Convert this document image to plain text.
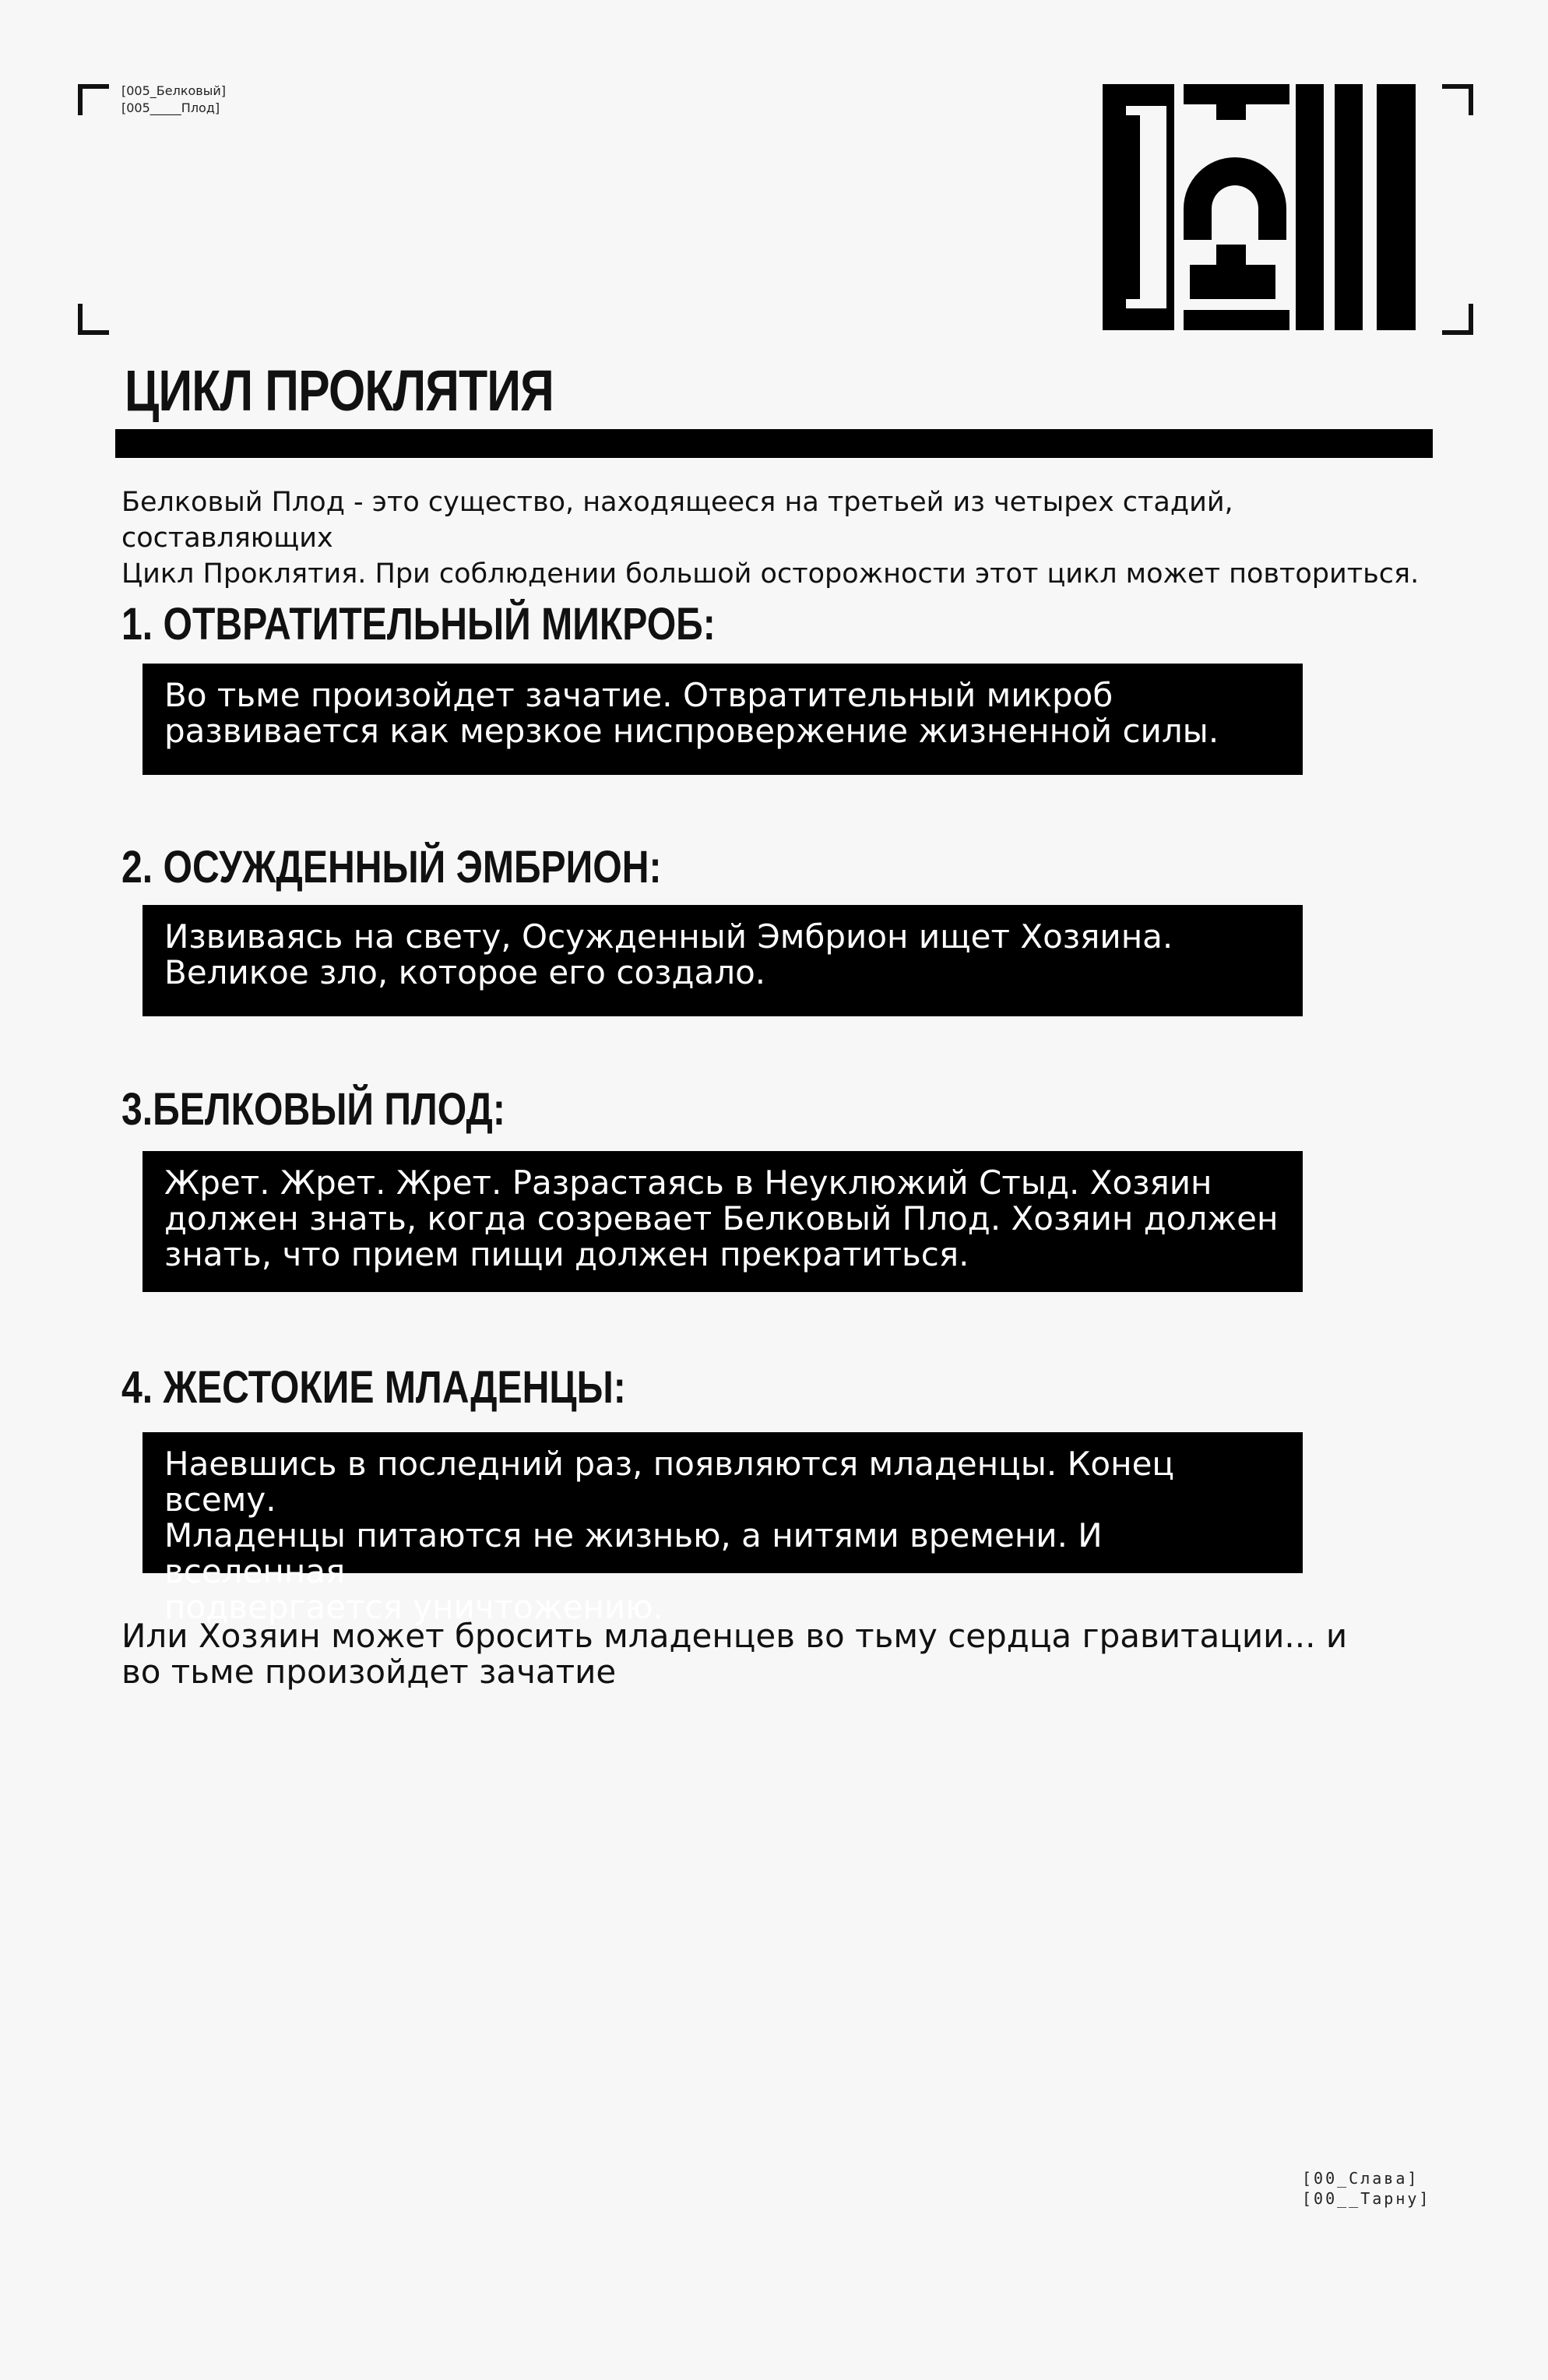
[005_Белковый]
[005_____Плод]
ЦИКЛ ПРОКЛЯТИЯ
Белковый Плод - это существо, находящееся на третьей из четырех стадий, составляющих
Цикл Проклятия. При соблюдении большой осторожности этот цикл может повториться.
1. ОТВРАТИТЕЛЬНЫЙ МИКРОБ:
Во тьме произойдет зачатие. Отвратительный микроб
развивается как мерзкое ниспровержение жизненной силы.
2. ОСУЖДЕННЫЙ ЭМБРИОН:
Извиваясь на свету, Осужденный Эмбрион ищет Хозяина.
Великое зло, которое его создало.
3.БЕЛКОВЫЙ ПЛОД:
Жрет. Жрет. Жрет. Разрастаясь в Неуклюжий Стыд. Хозяин
должен знать, когда созревает Белковый Плод. Хозяин должен
знать, что прием пищи должен прекратиться.
4. ЖЕСТОКИЕ МЛАДЕНЦЫ:
Наевшись в последний раз, появляются младенцы. Конец всему.
Младенцы питаются не жизнью, а нитями времени. И вселенная
подвергается уничтожению.
Или Хозяин может бросить младенцев во тьму сердца гравитации... и
во тьме произойдет зачатие
[00_Слава]
[00__Тарну]
